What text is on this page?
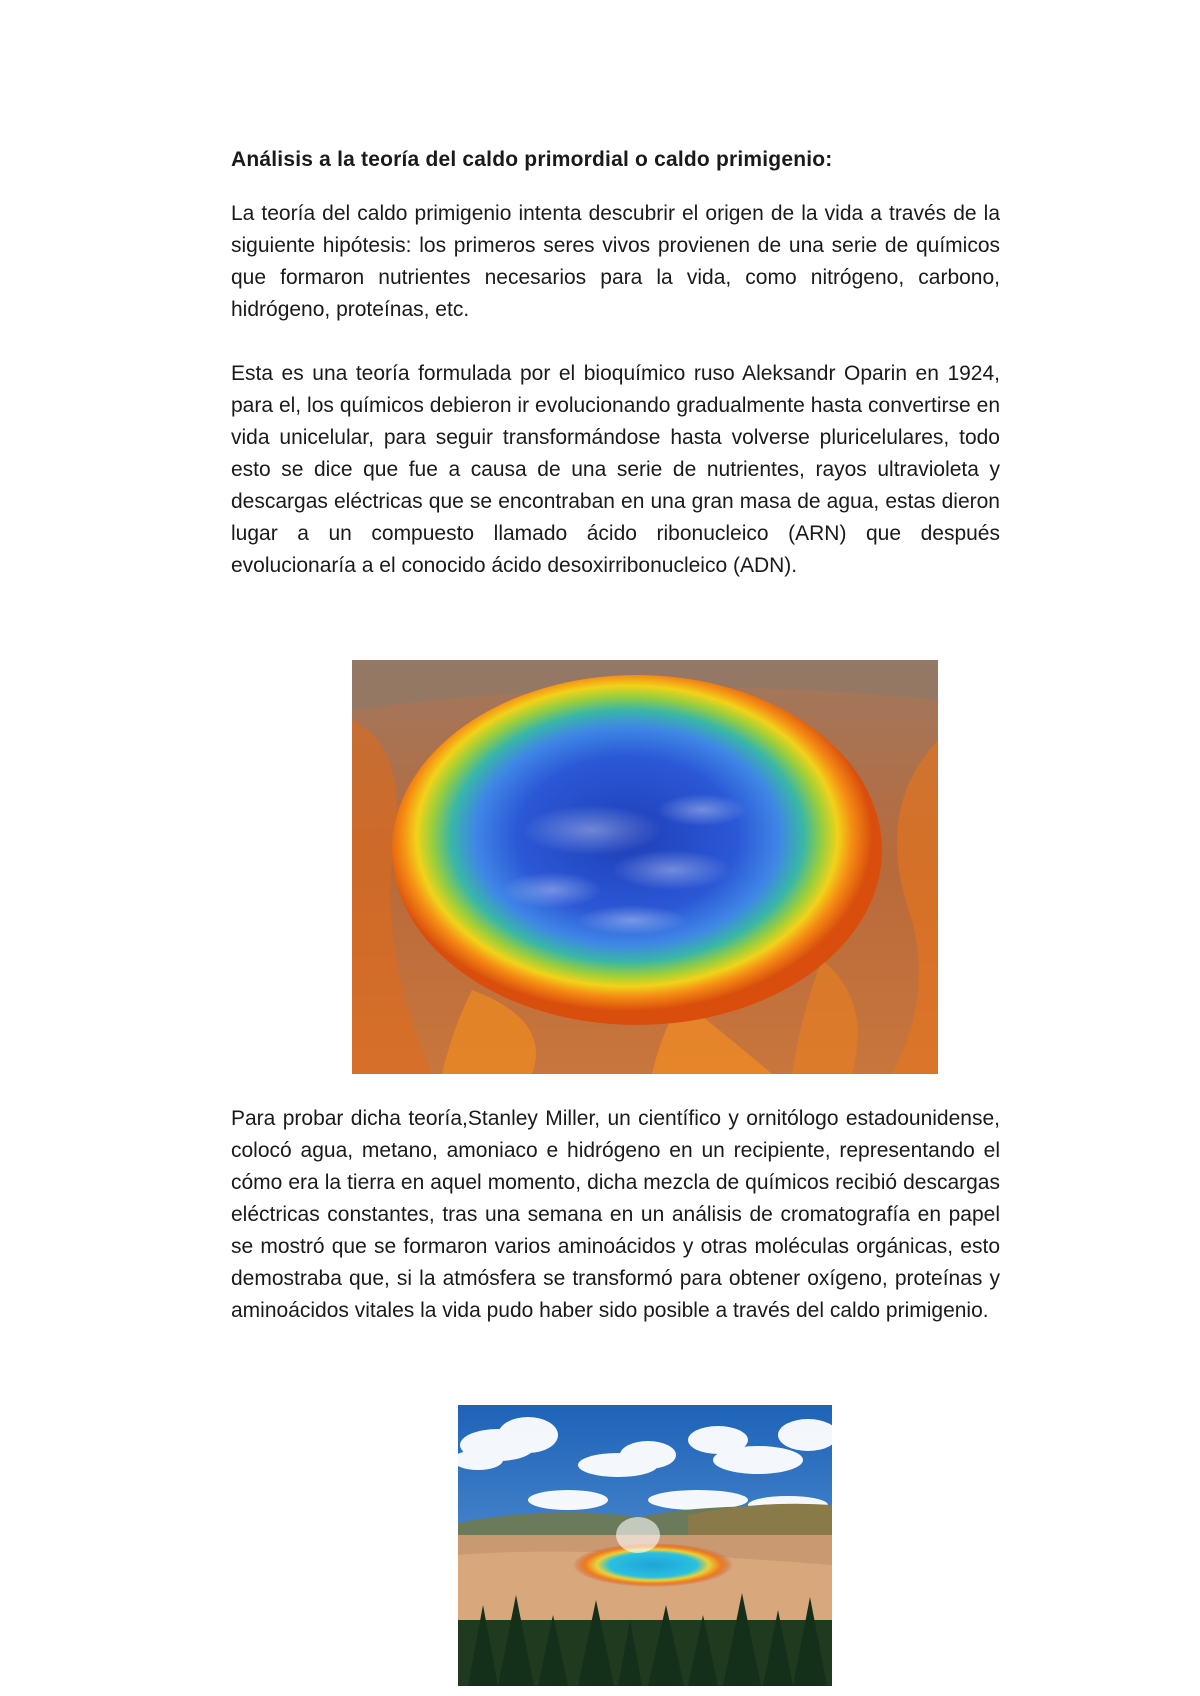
Análisis a la teoría del caldo primordial o caldo primigenio:

La teoría del caldo primigenio intenta descubrir el origen de la vida a través de la siguiente hipótesis: los primeros seres vivos provienen de una serie de químicos que formaron nutrientes necesarios para la vida, como nitrógeno, carbono, hidrógeno, proteínas, etc.

Esta es una teoría formulada por el bioquímico ruso Aleksandr Oparin en 1924, para el, los químicos debieron ir evolucionando gradualmente hasta convertirse en vida unicelular, para seguir transformándose hasta volverse pluricelulares, todo esto se dice que fue a causa de una serie de nutrientes, rayos ultravioleta y descargas eléctricas que se encontraban en una gran masa de agua, estas dieron lugar a un compuesto llamado ácido ribonucleico (ARN) que después evolucionaría a el conocido ácido desoxirribonucleico (ADN).

Para probar dicha teoría,Stanley Miller, un científico y ornitólogo estadounidense, colocó agua, metano, amoniaco e hidrógeno en un recipiente, representando el cómo era la tierra en aquel momento, dicha mezcla de químicos recibió descargas eléctricas constantes, tras una semana en un análisis de cromatografía en papel se mostró que se formaron varios aminoácidos y otras moléculas orgánicas, esto demostraba que, si la atmósfera se transformó para obtener oxígeno, proteínas y aminoácidos vitales la vida pudo haber sido posible a través del caldo primigenio.
